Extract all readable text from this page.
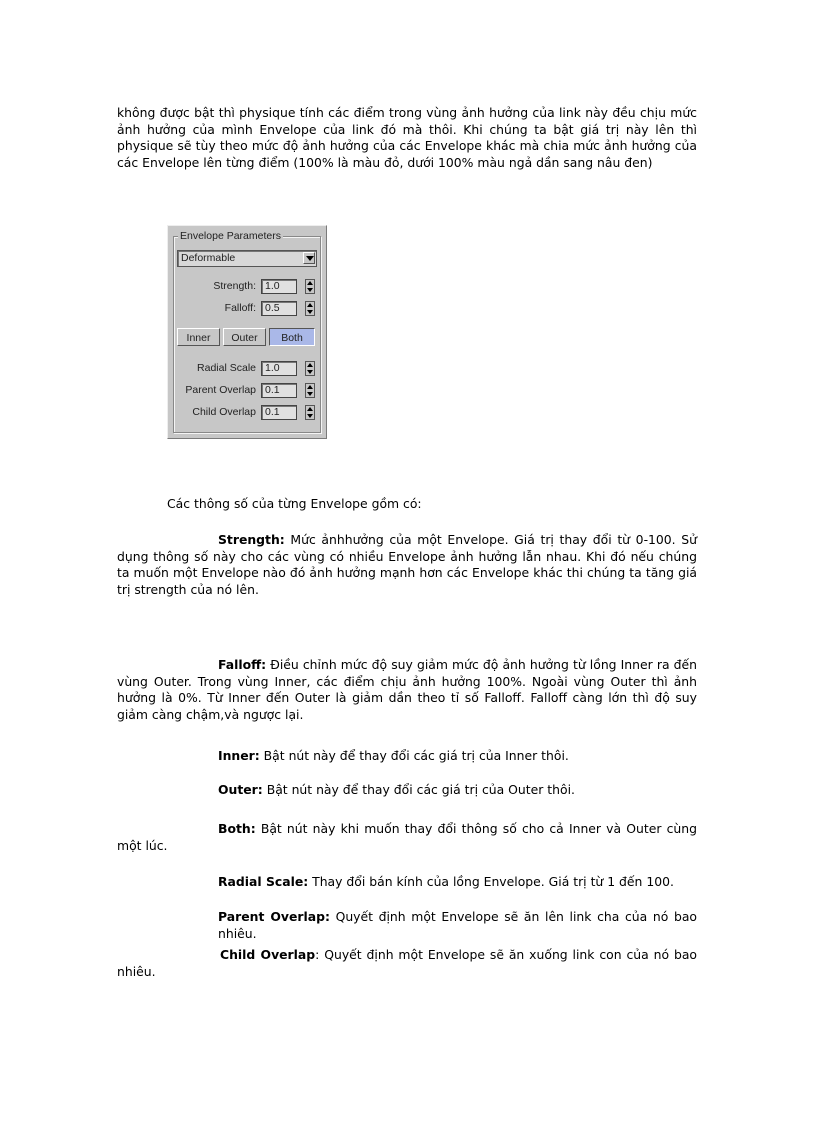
không được bật thì physique tính các điểm trong vùng ảnh hưởng của link này đều chịu mức ảnh hưởng của mình Envelope của link đó mà thôi. Khi chúng ta bật giá trị này lên thì physique sẽ tùy theo mức độ ảnh hưởng của các Envelope khác mà chia mức ảnh hưởng của các Envelope lên từng điểm (100% là màu đỏ, dưới 100% màu ngả dần sang nâu đen)

Envelope Parameters
Deformable
Strength: 1.0
Falloff: 0.5
Inner	Outer	Both
Radial Scale 1.0
Parent Overlap 0.1
Child Overlap 0.1

Các thông số của từng Envelope gồm có:

Strength: Mức ảnhhưởng của một Envelope. Giá trị thay đổi từ 0-100. Sử dụng thông số này cho các vùng có nhiều Envelope ảnh hưởng lẫn nhau. Khi đó nếu chúng ta muốn một Envelope nào đó ảnh hưởng mạnh hơn các Envelope khác thi chúng ta tăng giá trị strength của nó lên.

Falloff: Điều chỉnh mức độ suy giảm mức độ ảnh hưởng từ lồng Inner ra đến vùng Outer. Trong vùng Inner, các điểm chịu ảnh hưởng 100%. Ngoài vùng Outer thì ảnh hưởng là 0%. Từ Inner đến Outer là giảm dần theo tỉ số Falloff. Falloff càng lớn thì độ suy giảm càng chậm,và ngược lại.

Inner: Bật nút này để thay đổi các giá trị của Inner thôi.

Outer: Bật nút này để thay đổi các giá trị của Outer thôi.

Both: Bật nút này khi muốn thay đổi thông số cho cả Inner và Outer cùng một lúc.

Radial Scale: Thay đổi bán kính của lồng Envelope. Giá trị từ 1 đến 100.

Parent Overlap: Quyết định một Envelope sẽ ăn lên link cha của nó bao nhiêu.

Child Overlap: Quyết định một Envelope sẽ ăn xuống link con của nó bao nhiêu.
